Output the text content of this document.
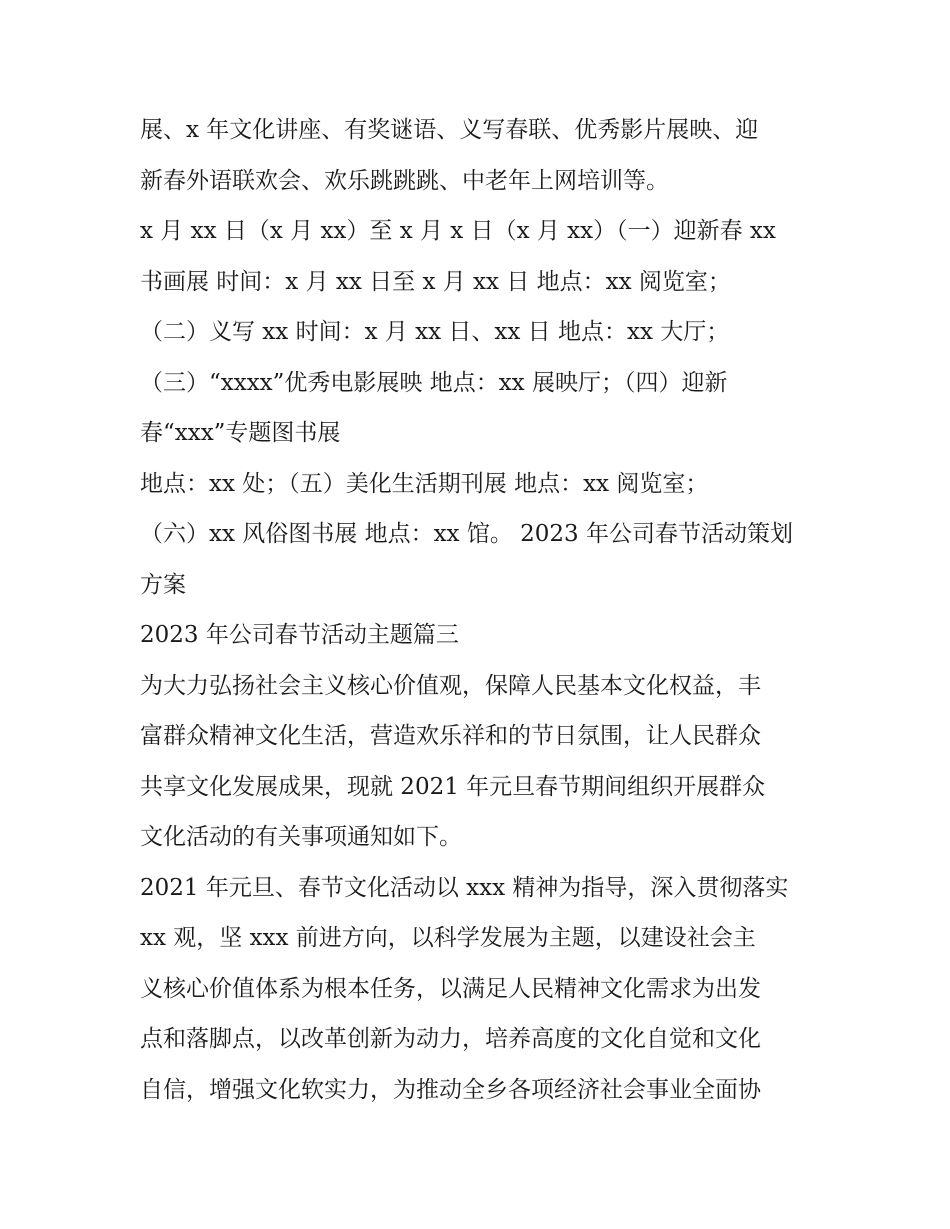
展、x 年文化讲座、有奖谜语、义写春联、优秀影片展映、迎
新春外语联欢会、欢乐跳跳跳、中老年上网培训等。
x 月 xx 日（x 月 xx）至 x 月 x 日（x 月 xx）（一）迎新春 xx
书画展 时间：x 月 xx 日至 x 月 xx 日 地点：xx 阅览室；
（二）义写 xx 时间：x 月 xx 日、xx 日 地点：xx 大厅；
（三）“xxxx”优秀电影展映 地点：xx 展映厅；（四）迎新
春“xxx”专题图书展
地点：xx 处；（五）美化生活期刊展 地点：xx 阅览室；
（六）xx 风俗图书展 地点：xx 馆。 2023 年公司春节活动策划
方案
2023 年公司春节活动主题篇三
为大力弘扬社会主义核心价值观，保障人民基本文化权益，丰
富群众精神文化生活，营造欢乐祥和的节日氛围，让人民群众
共享文化发展成果，现就 2021 年元旦春节期间组织开展群众
文化活动的有关事项通知如下。
2021 年元旦、春节文化活动以 xxx 精神为指导，深入贯彻落实
xx 观，坚 xxx 前进方向，以科学发展为主题，以建设社会主
义核心价值体系为根本任务，以满足人民精神文化需求为出发
点和落脚点，以改革创新为动力，培养高度的文化自觉和文化
自信，增强文化软实力，为推动全乡各项经济社会事业全面协
